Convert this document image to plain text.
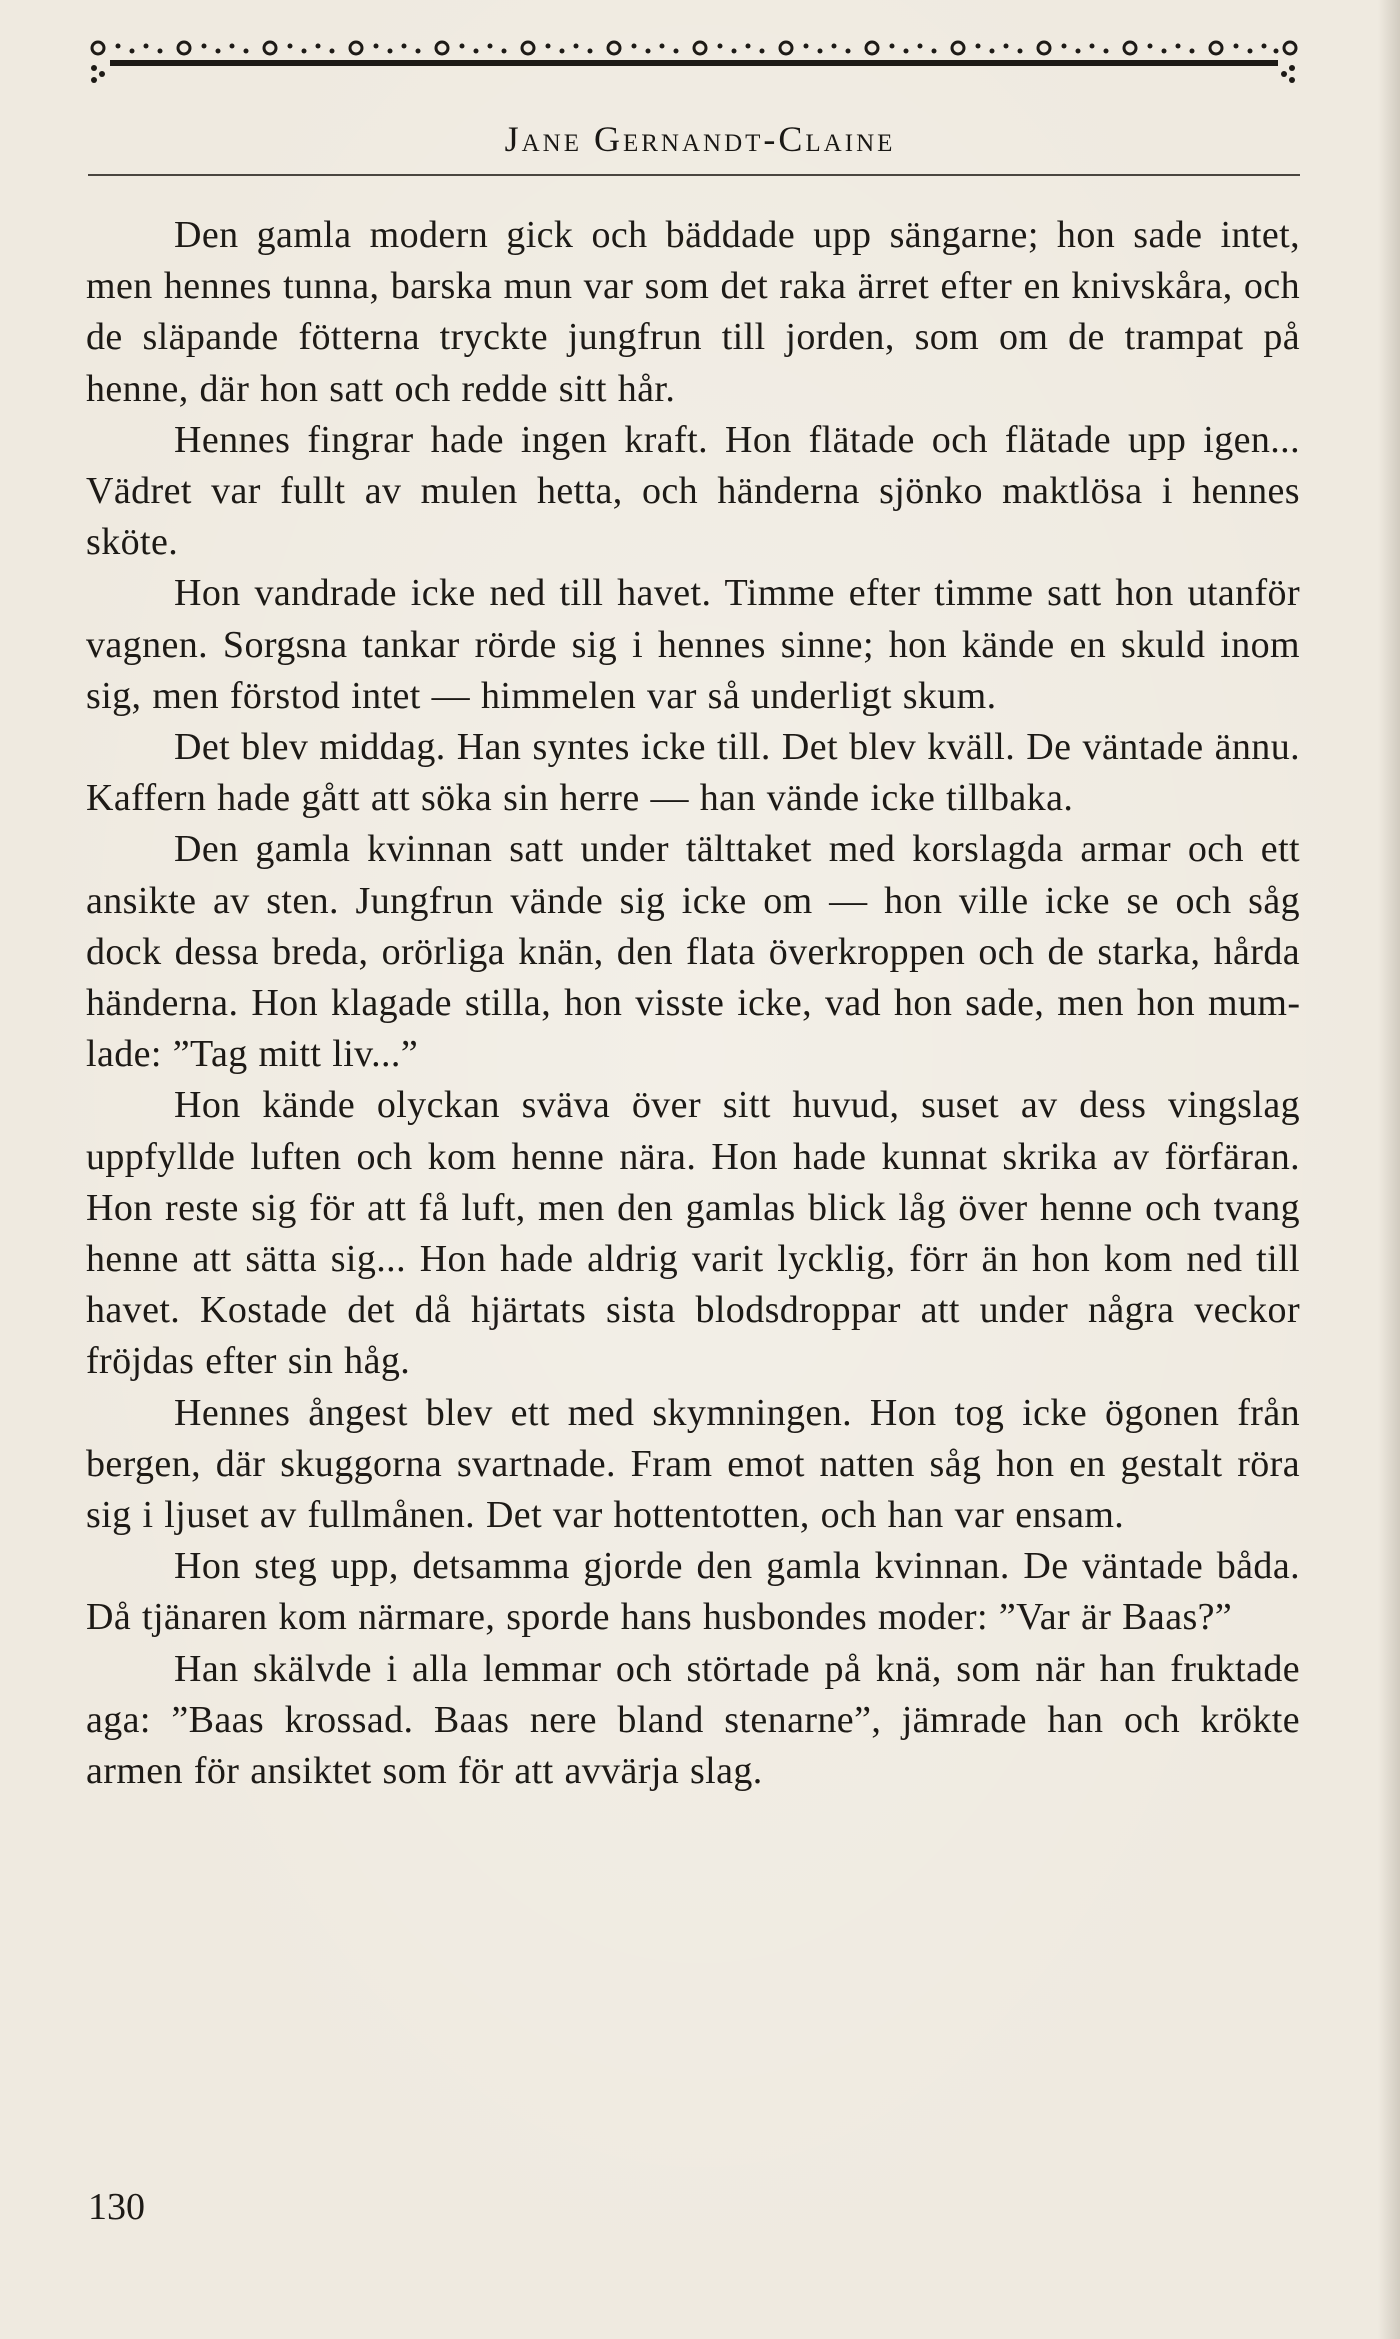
Jane Gernandt-Claine

Den gamla modern gick och bäddade upp sängarne; hon sade intet, men hennes tunna, barska mun var som det raka ärret efter en knivskåra, och de släpande fötterna tryckte jungfrun till jorden, som om de trampat på henne, där hon satt och redde sitt hår.

Hennes fingrar hade ingen kraft. Hon flätade och flätade upp igen... Vädret var fullt av mulen hetta, och händerna sjönko maktlösa i hennes sköte.

Hon vandrade icke ned till havet. Timme efter timme satt hon utanför vagnen. Sorgsna tankar rörde sig i hennes sinne; hon kände en skuld inom sig, men förstod intet — himmelen var så underligt skum.

Det blev middag. Han syntes icke till. Det blev kväll. De väntade ännu. Kaffern hade gått att söka sin herre — han vände icke tillbaka.

Den gamla kvinnan satt under tälttaket med korslagda armar och ett ansikte av sten. Jungfrun vände sig icke om — hon ville icke se och såg dock dessa breda, orörliga knän, den flata överkroppen och de starka, hårda händerna. Hon klagade stilla, hon visste icke, vad hon sade, men hon mumlade: ”Tag mitt liv...”

Hon kände olyckan sväva över sitt huvud, suset av dess vingslag uppfyllde luften och kom henne nära. Hon hade kunnat skrika av förfäran. Hon reste sig för att få luft, men den gamlas blick låg över henne och tvang henne att sätta sig... Hon hade aldrig varit lycklig, förr än hon kom ned till havet. Kostade det då hjärtats sista blodsdroppar att under några veckor fröjdas efter sin håg.

Hennes ångest blev ett med skymningen. Hon tog icke ögonen från bergen, där skuggorna svartnade. Fram emot natten såg hon en gestalt röra sig i ljuset av fullmånen. Det var hottentotten, och han var ensam.

Hon steg upp, detsamma gjorde den gamla kvinnan. De väntade båda. Då tjänaren kom närmare, sporde hans husbondes moder: ”Var är Baas?”

Han skälvde i alla lemmar och störtade på knä, som när han fruktade aga: ”Baas krossad. Baas nere bland stenarne”, jämrade han och krökte armen för ansiktet som för att avvärja slag.

130
